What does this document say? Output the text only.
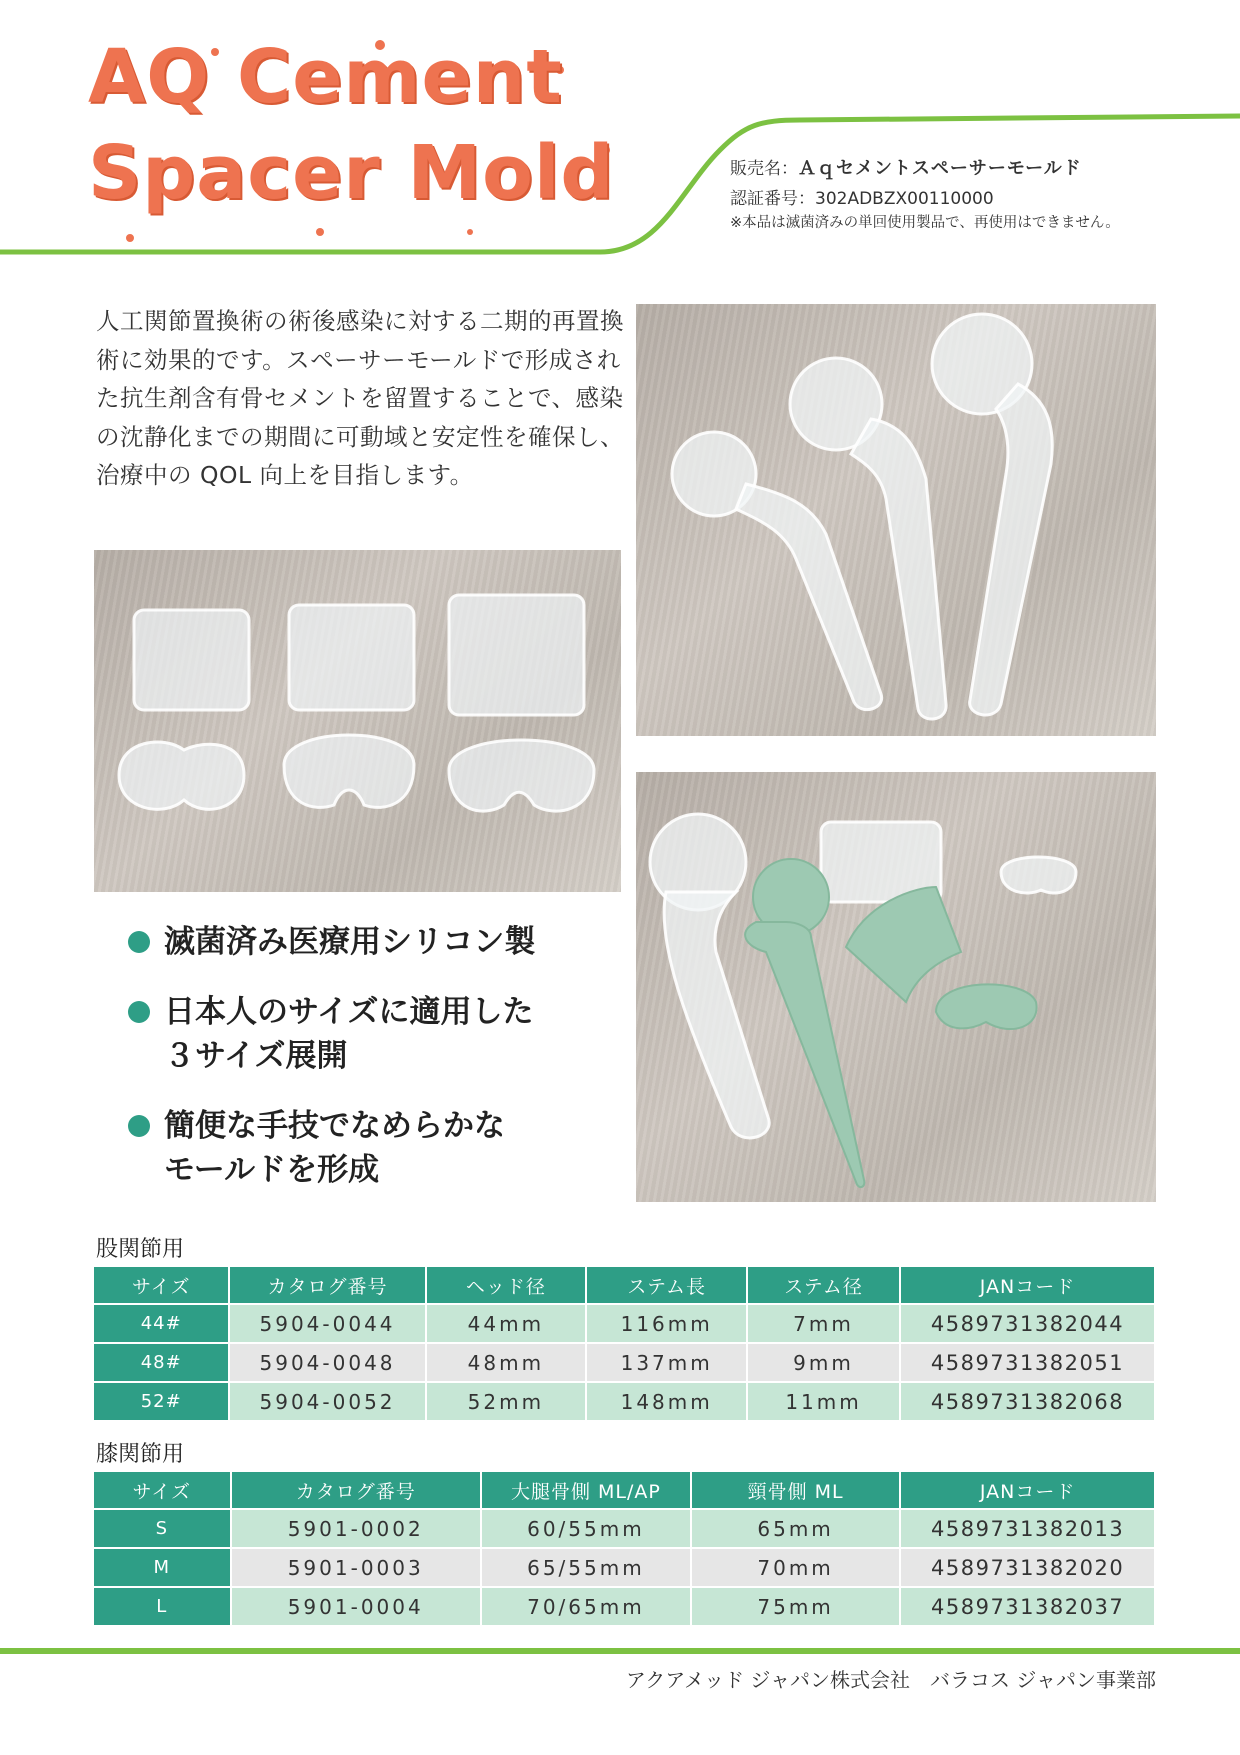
AQ Cement
Spacer Mold	販売名：Ａｑセメントスペーサーモールド
認証番号：302ADBZX00110000
※本品は滅菌済みの単回使用製品で、再使用はできません。

人工関節置換術の術後感染に対する二期的再置換術に効果的です。スペーサーモールドで形成された抗生剤含有骨セメントを留置することで、感染の沈静化までの期間に可動域と安定性を確保し、治療中の QOL 向上を目指します。

滅菌済み医療用シリコン製
日本人のサイズに適用した
３サイズ展開
簡便な手技でなめらかな
モールドを形成
股関節用
サイズ	カタログ番号	ヘッド径	ステム長	ステム径	JANコード
44#	5904-0044	44mm	116mm	7mm	4589731382044
48#	5904-0048	48mm	137mm	9mm	4589731382051
52#	5904-0052	52mm	148mm	11mm	4589731382068
膝関節用
サイズ	カタログ番号	大腿骨側 ML/AP	頸骨側 ML	JANコード
S	5901-0002	60/55mm	65mm	4589731382013
M	5901-0003	65/55mm	70mm	4589731382020
L	5901-0004	70/65mm	75mm	4589731382037
アクアメッド ジャパン株式会社　バラコス ジャパン事業部
